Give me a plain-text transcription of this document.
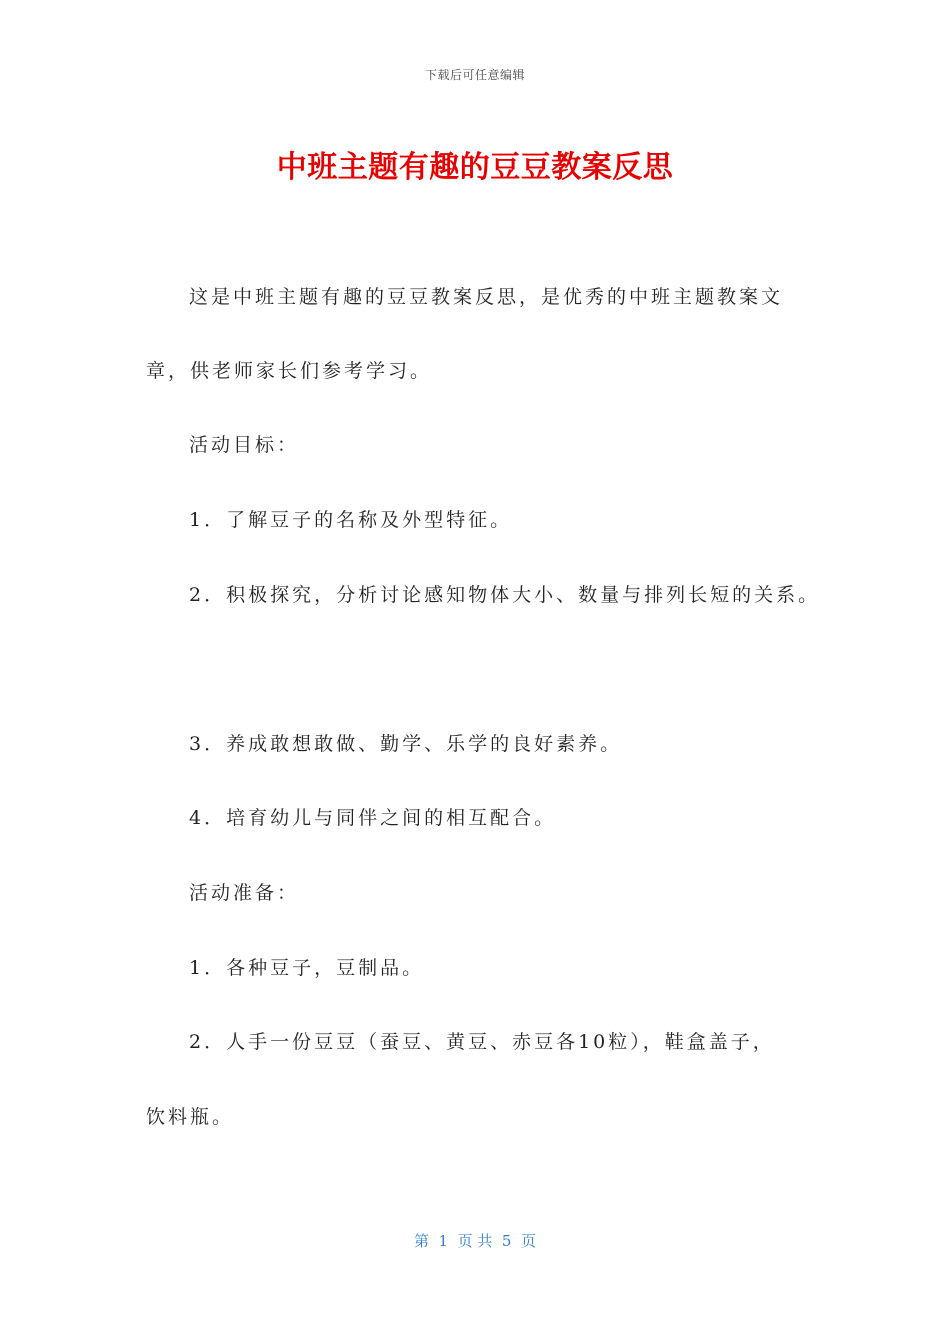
下载后可任意编辑
中班主题有趣的豆豆教案反思
这是中班主题有趣的豆豆教案反思，是优秀的中班主题教案文
章，供老师家长们参考学习。
活动目标：
1．了解豆子的名称及外型特征。
2．积极探究，分析讨论感知物体大小、数量与排列长短的关系。
3．养成敢想敢做、勤学、乐学的良好素养。
4．培育幼儿与同伴之间的相互配合。
活动准备：
1．各种豆子，豆制品。
2．人手一份豆豆（蚕豆、黄豆、赤豆各10粒），鞋盒盖子，
饮料瓶。
第  1  页 共  5  页
